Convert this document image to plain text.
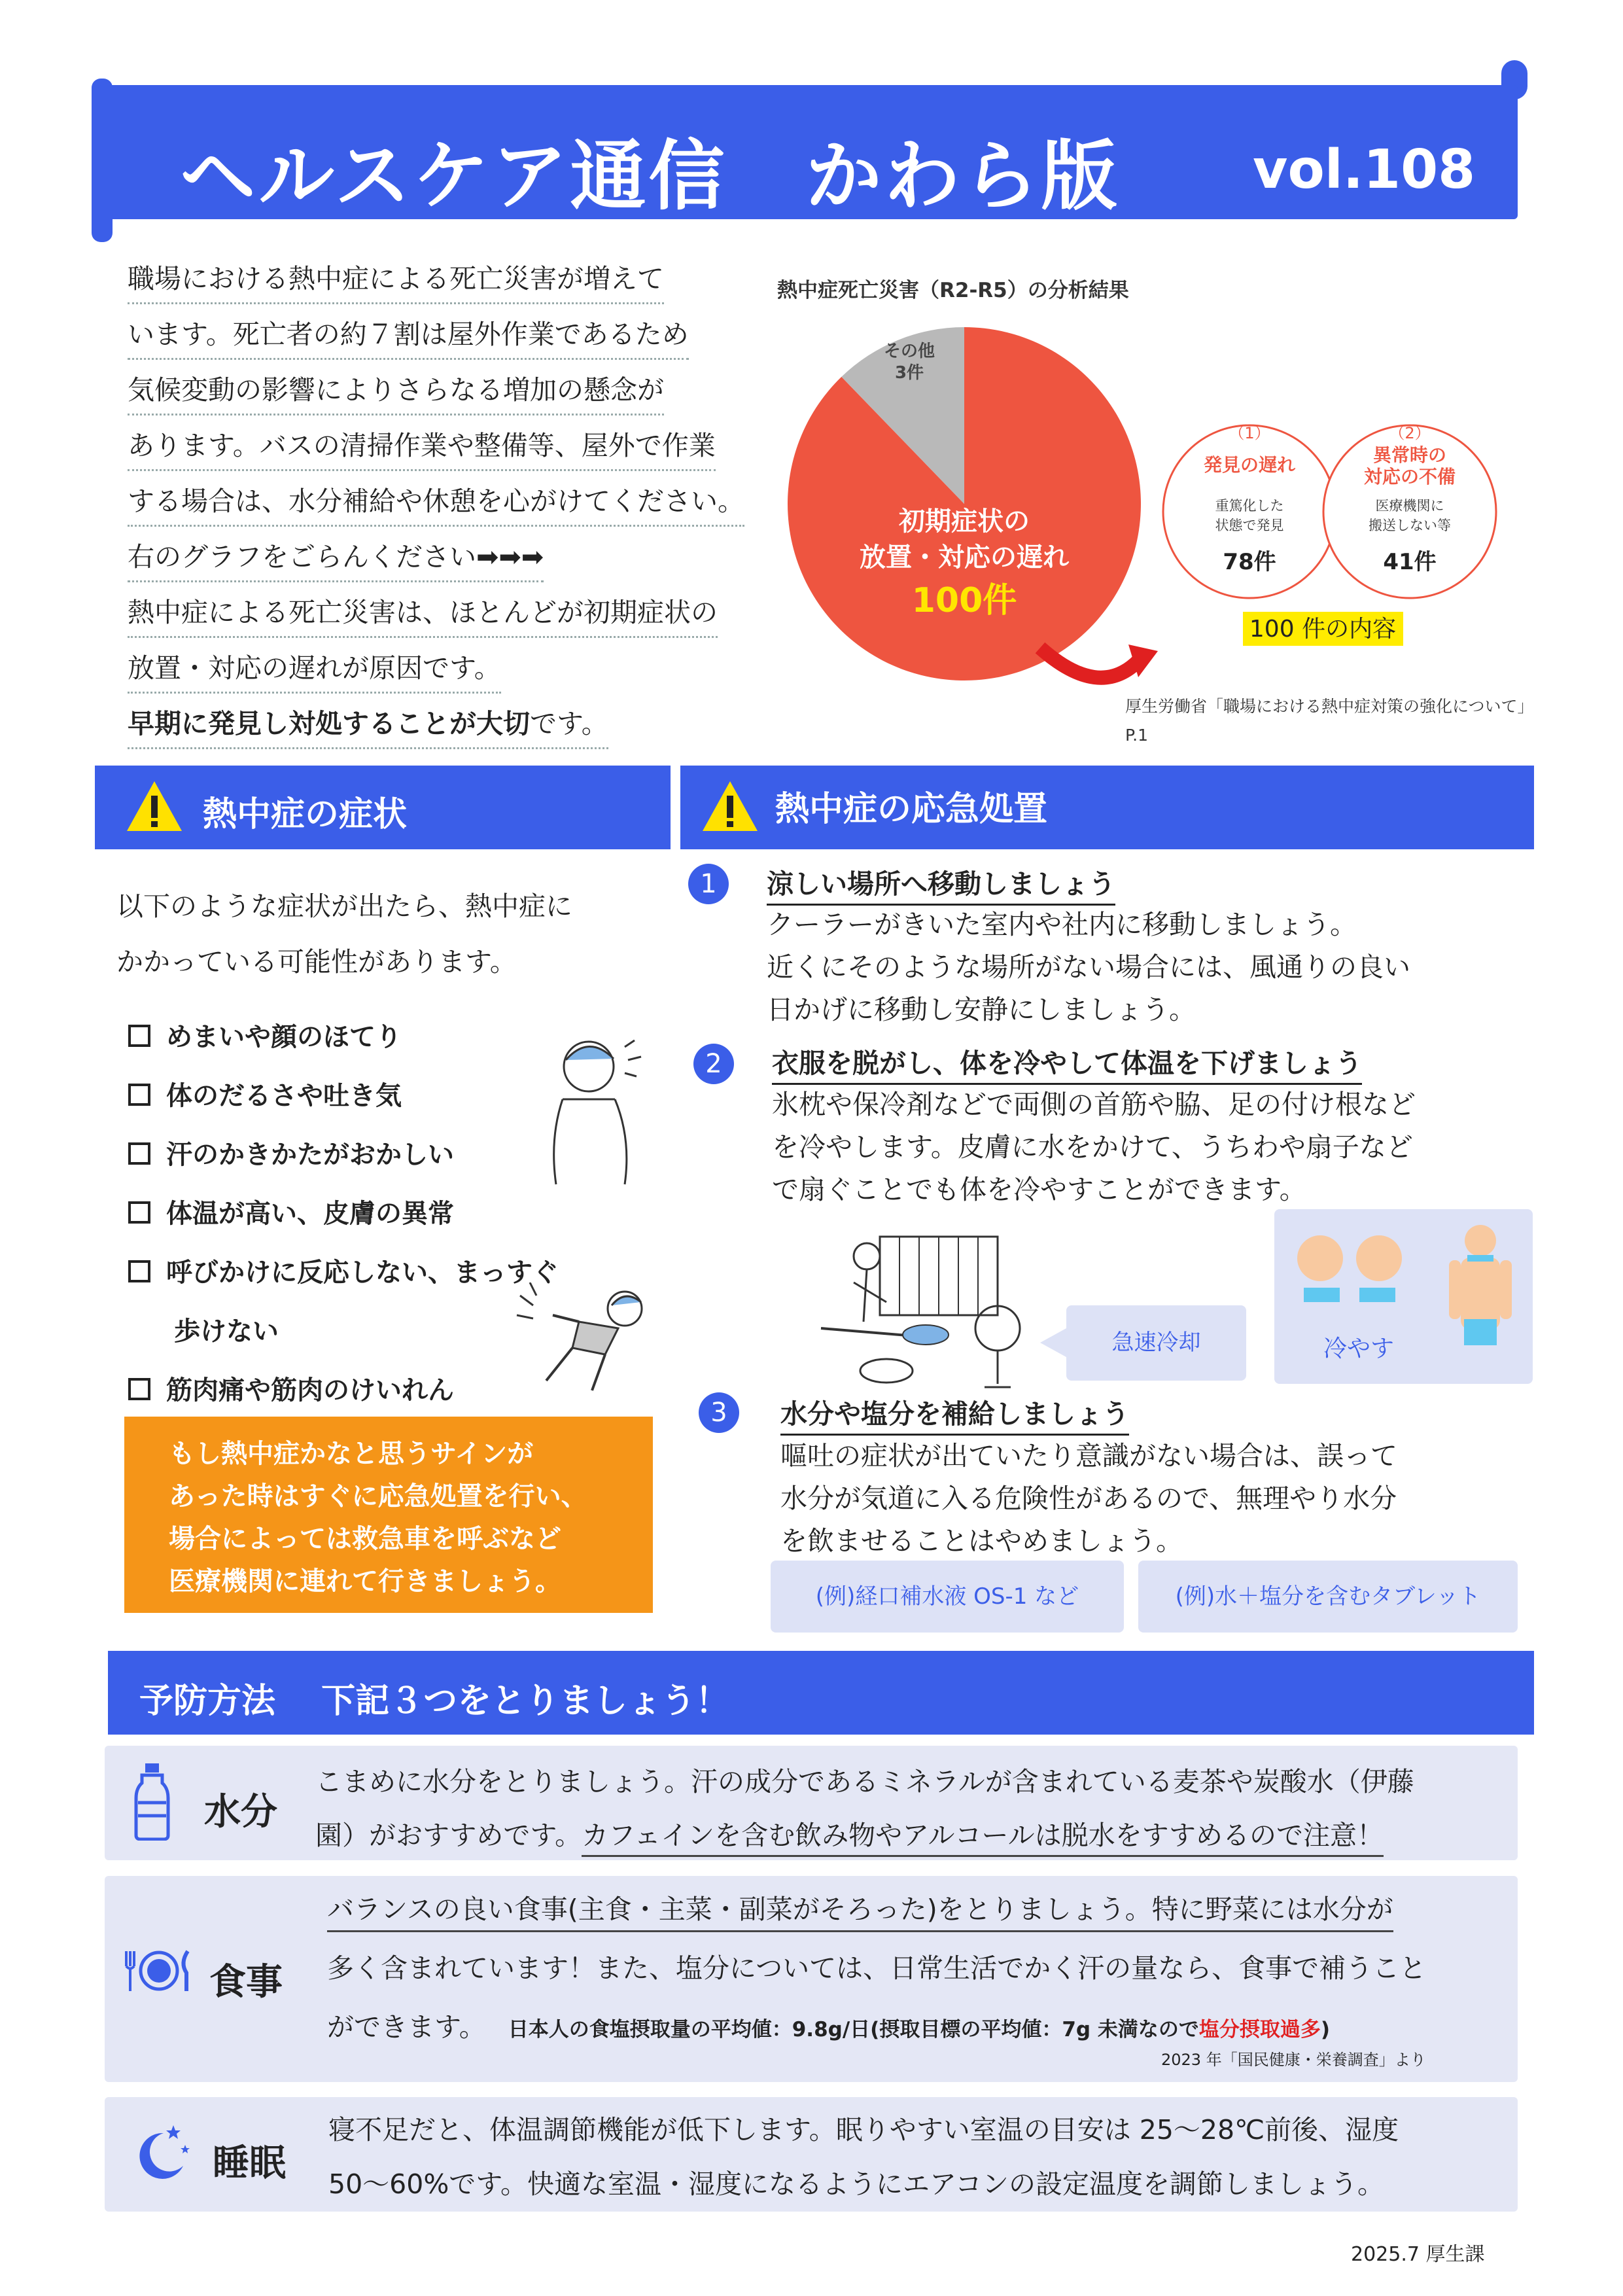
ヘルスケア通信　かわら版 vol.108
職場における熱中症による死亡災害が増えて
います。死亡者の約７割は屋外作業であるため
気候変動の影響によりさらなる増加の懸念が
あります。バスの清掃作業や整備等、屋外で作業
する場合は、水分補給や休憩を心がけてください。
右のグラフをごらんください➡➡➡
熱中症による死亡災害は、ほとんどが初期症状の
放置・対応の遅れが原因です。
早期に発見し対処することが大切です。
熱中症死亡災害（R2-R5）の分析結果
その他
3件
初期症状の
放置・対応の遅れ
100件
（1）
発見の遅れ
重篤化した
状態で発見
78件
（2）
異常時の
対応の不備
医療機関に
搬送しない等
41件
100 件の内容
厚生労働省「職場における熱中症対策の強化について」P.1
熱中症の症状	熱中症の応急処置
以下のような症状が出たら、熱中症に
かかっている可能性があります。
めまいや顔のほてり
体のだるさや吐き気
汗のかきかたがおかしい
体温が高い、皮膚の異常
呼びかけに反応しない、まっすぐ
歩けない
筋肉痛や筋肉のけいれん
もし熱中症かなと思うサインが
あった時はすぐに応急処置を行い、
場合によっては救急車を呼ぶなど
医療機関に連れて行きましょう。
1	涼しい場所へ移動しましょう
クーラーがきいた室内や社内に移動しましょう。
近くにそのような場所がない場合には、風通りの良い
日かげに移動し安静にしましょう。
2	衣服を脱がし、体を冷やして体温を下げましょう
氷枕や保冷剤などで両側の首筋や脇、足の付け根など
を冷やします。皮膚に水をかけて、うちわや扇子など
で扇ぐことでも体を冷やすことができます。
急速冷却	冷やす
3	水分や塩分を補給しましょう
嘔吐の症状が出ていたり意識がない場合は、誤って
水分が気道に入る危険性があるので、無理やり水分
を飲ませることはやめましょう。
(例)経口補水液 OS-1 など	(例)水＋塩分を含むタブレット
予防方法　 下記３つをとりましょう！
水分
こまめに水分をとりましょう。汗の成分であるミネラルが含まれている麦茶や炭酸水（伊藤
園）がおすすめです。カフェインを含む飲み物やアルコールは脱水をすすめるので注意！
食事
バランスの良い食事(主食・主菜・副菜がそろった)をとりましょう。特に野菜には水分が
多く含まれています！また、塩分については、日常生活でかく汗の量なら、食事で補うこと
ができます。 日本人の食塩摂取量の平均値：9.8g/日(摂取目標の平均値：7g 未満なので塩分摂取過多)
2023 年「国民健康・栄養調査」より
睡眠
寝不足だと、体温調節機能が低下します。眠りやすい室温の目安は 25〜28℃前後、湿度
50〜60%です。快適な室温・湿度になるようにエアコンの設定温度を調節しましょう。
2025.7 厚生課
